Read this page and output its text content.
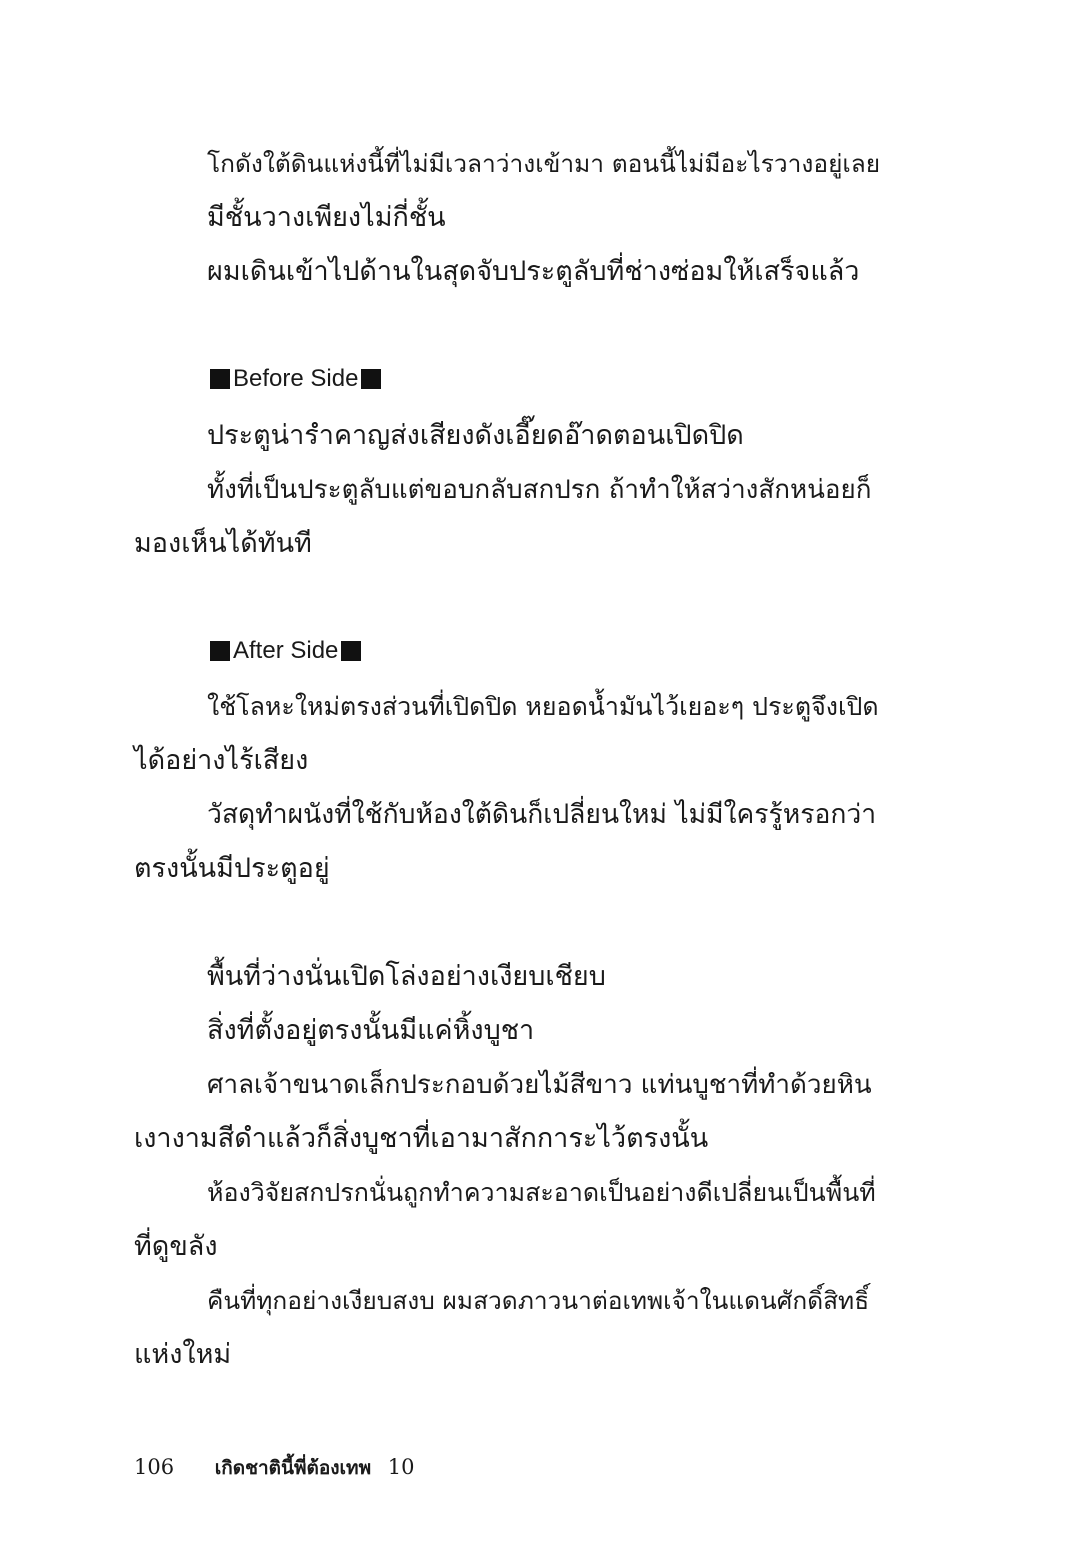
โกดังใต้ดินแห่งนี้ที่ไม่มีเวลาว่างเข้ามา ตอนนี้ไม่มีอะไรวางอยู่เลย
มีชั้นวางเพียงไม่กี่ชั้น
ผมเดินเข้าไปด้านในสุดจับประตูลับที่ช่างซ่อมให้เสร็จแล้ว
Before Side
ประตูน่ารำคาญส่งเสียงดังเอี๊ยดอ๊าดตอนเปิดปิด
ทั้งที่เป็นประตูลับแต่ขอบกลับสกปรก ถ้าทำให้สว่างสักหน่อยก็
มองเห็นได้ทันที
After Side
ใช้โลหะใหม่ตรงส่วนที่เปิดปิด หยอดน้ำมันไว้เยอะๆ ประตูจึงเปิด
ได้อย่างไร้เสียง
วัสดุทำผนังที่ใช้กับห้องใต้ดินก็เปลี่ยนใหม่ ไม่มีใครรู้หรอกว่า
ตรงนั้นมีประตูอยู่
พื้นที่ว่างนั่นเปิดโล่งอย่างเงียบเชียบ
สิ่งที่ตั้งอยู่ตรงนั้นมีแค่หิ้งบูชา
ศาลเจ้าขนาดเล็กประกอบด้วยไม้สีขาว แท่นบูชาที่ทำด้วยหิน
เงางามสีดำแล้วก็สิ่งบูชาที่เอามาสักการะไว้ตรงนั้น
ห้องวิจัยสกปรกนั่นถูกทำความสะอาดเป็นอย่างดีเปลี่ยนเป็นพื้นที่
ที่ดูขลัง
คืนที่ทุกอย่างเงียบสงบ ผมสวดภาวนาต่อเทพเจ้าในแดนศักดิ์สิทธิ์
แห่งใหม่
106 เกิดชาตินี้พี่ต้องเทพ 10
